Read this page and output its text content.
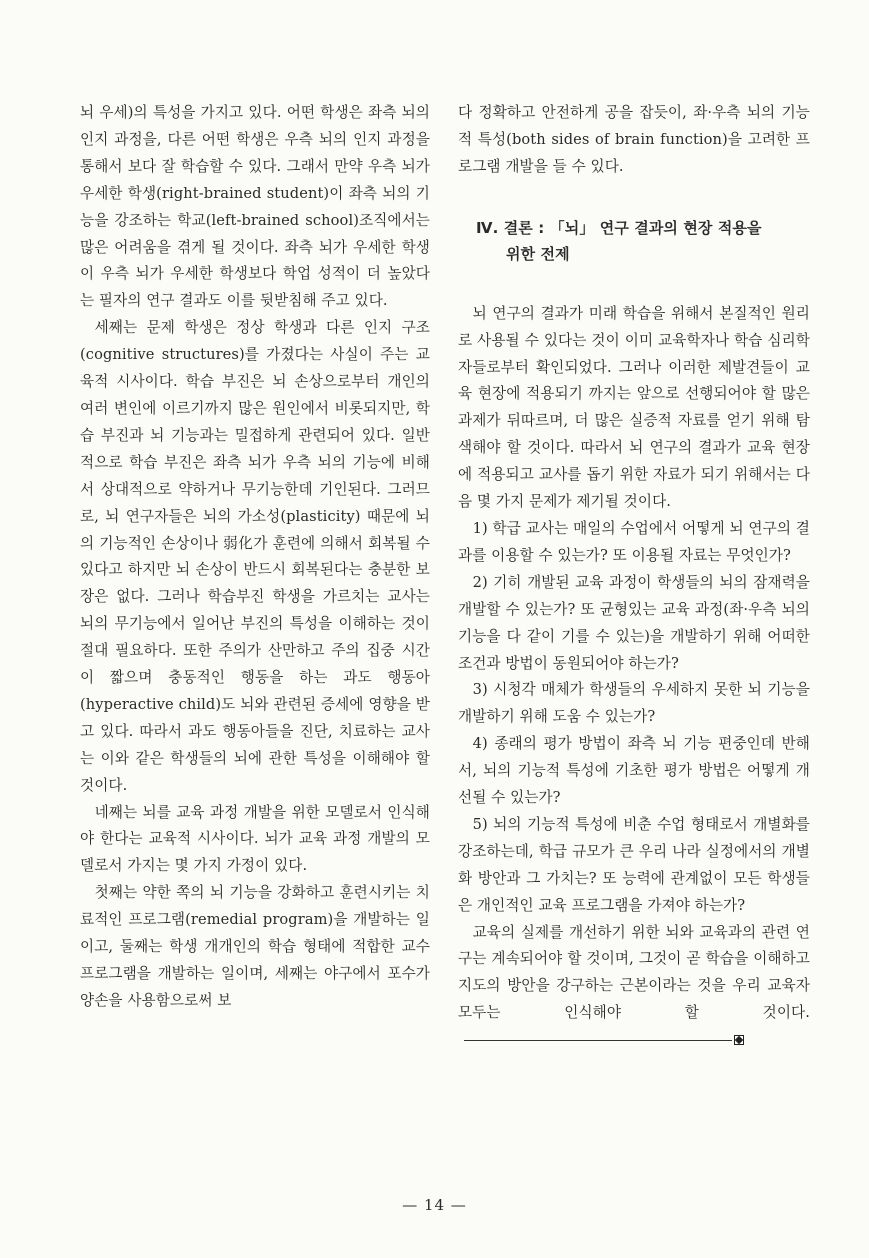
뇌 우세)의 특성을 가지고 있다. 어떤 학생은 좌측 뇌의 인지 과정을, 다른 어떤 학생은 우측 뇌의 인지 과정을 통해서 보다 잘 학습할 수 있다. 그래서 만약 우측 뇌가 우세한 학생(right-brained student)이 좌측 뇌의 기능을 강조하는 학교(left-brained school)조직에서는 많은 어려움을 겪게 될 것이다. 좌측 뇌가 우세한 학생이 우측 뇌가 우세한 학생보다 학업 성적이 더 높았다는 필자의 연구 결과도 이를 뒷받침해 주고 있다.

세째는 문제 학생은 정상 학생과 다른 인지 구조(cognitive structures)를 가졌다는 사실이 주는 교육적 시사이다. 학습 부진은 뇌 손상으로부터 개인의 여러 변인에 이르기까지 많은 원인에서 비롯되지만, 학습 부진과 뇌 기능과는 밀접하게 관련되어 있다. 일반적으로 학습 부진은 좌측 뇌가 우측 뇌의 기능에 비해서 상대적으로 약하거나 무기능한데 기인된다. 그러므로, 뇌 연구자들은 뇌의 가소성(plasticity) 때문에 뇌의 기능적인 손상이나 弱化가 훈련에 의해서 회복될 수 있다고 하지만 뇌 손상이 반드시 회복된다는 충분한 보장은 없다. 그러나 학습부진 학생을 가르치는 교사는 뇌의 무기능에서 일어난 부진의 특성을 이해하는 것이 절대 필요하다. 또한 주의가 산만하고 주의 집중 시간이 짧으며 충동적인 행동을 하는 과도 행동아(hyperactive child)도 뇌와 관련된 증세에 영향을 받고 있다. 따라서 과도 행동아들을 진단, 치료하는 교사는 이와 같은 학생들의 뇌에 관한 특성을 이해해야 할 것이다.

네째는 뇌를 교육 과정 개발을 위한 모델로서 인식해야 한다는 교육적 시사이다. 뇌가 교육 과정 개발의 모델로서 가지는 몇 가지 가정이 있다.

첫째는 약한 쪽의 뇌 기능을 강화하고 훈련시키는 치료적인 프로그램(remedial program)을 개발하는 일이고, 둘째는 학생 개개인의 학습 형태에 적합한 교수 프로그램을 개발하는 일이며, 세째는 야구에서 포수가 양손을 사용함으로써 보

다 정확하고 안전하게 공을 잡듯이, 좌·우측 뇌의 기능적 특성(both sides of brain function)을 고려한 프로그램 개발을 들 수 있다.

Ⅳ. 결론 : 「뇌」 연구 결과의 현장 적용을
위한 전제

뇌 연구의 결과가 미래 학습을 위해서 본질적인 원리로 사용될 수 있다는 것이 이미 교육학자나 학습 심리학자들로부터 확인되었다. 그러나 이러한 제발견들이 교육 현장에 적용되기 까지는 앞으로 선행되어야 할 많은 과제가 뒤따르며, 더 많은 실증적 자료를 얻기 위해 탐색해야 할 것이다. 따라서 뇌 연구의 결과가 교육 현장에 적용되고 교사를 돕기 위한 자료가 되기 위해서는 다음 몇 가지 문제가 제기될 것이다.

1) 학급 교사는 매일의 수업에서 어떻게 뇌 연구의 결과를 이용할 수 있는가? 또 이용될 자료는 무엇인가?

2) 기히 개발된 교육 과정이 학생들의 뇌의 잠재력을 개발할 수 있는가? 또 균형있는 교육 과정(좌·우측 뇌의 기능을 다 같이 기를 수 있는)을 개발하기 위해 어떠한 조건과 방법이 동원되어야 하는가?

3) 시청각 매체가 학생들의 우세하지 못한 뇌 기능을 개발하기 위해 도움 수 있는가?

4) 종래의 평가 방법이 좌측 뇌 기능 편중인데 반해서, 뇌의 기능적 특성에 기초한 평가 방법은 어떻게 개선될 수 있는가?

5) 뇌의 기능적 특성에 비춘 수업 형태로서 개별화를 강조하는데, 학급 규모가 큰 우리 나라 실정에서의 개별화 방안과 그 가치는? 또 능력에 관계없이 모든 학생들은 개인적인 교육 프로그램을 가져야 하는가?

교육의 실제를 개선하기 위한 뇌와 교육과의 관련 연구는 계속되어야 할 것이며, 그것이 곧 학습을 이해하고 지도의 방안을 강구하는 근본이라는 것을 우리 교육자 모두는 인식해야 할 것이다.

— 14 —
